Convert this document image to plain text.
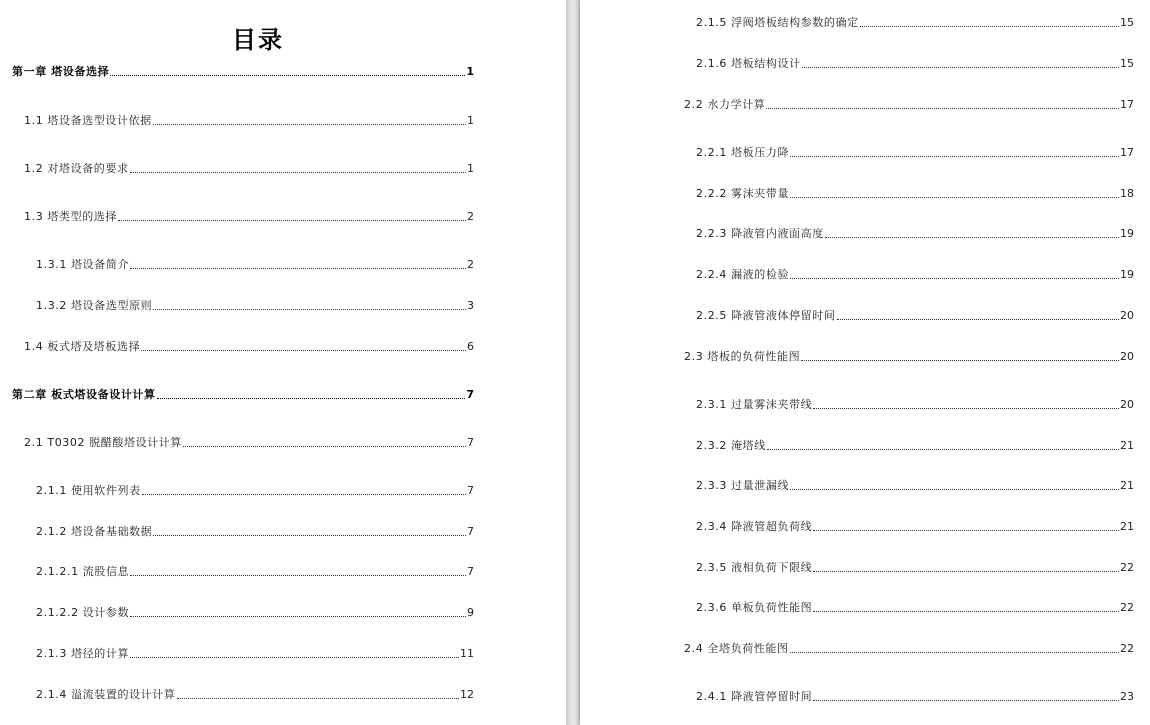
目录
第一章 塔设备选择	1
1.1 塔设备选型设计依据	1
1.2 对塔设备的要求	1
1.3 塔类型的选择	2
1.3.1 塔设备简介	2
1.3.2 塔设备选型原则	3
1.4 板式塔及塔板选择	6
第二章 板式塔设备设计计算	7
2.1 T0302 脱醋酸塔设计计算	7
2.1.1 使用软件列表	7
2.1.2 塔设备基础数据	7
2.1.2.1 流股信息	7
2.1.2.2 设计参数	9
2.1.3 塔径的计算	11
2.1.4 溢流装置的设计计算	12
2.1.5 浮阀塔板结构参数的确定	15
2.1.6 塔板结构设计	15
2.2 水力学计算	17
2.2.1 塔板压力降	17
2.2.2 雾沫夹带量	18
2.2.3 降液管内液面高度	19
2.2.4 漏液的检验	19
2.2.5 降液管液体停留时间	20
2.3 塔板的负荷性能图	20
2.3.1 过量雾沫夹带线	20
2.3.2 淹塔线	21
2.3.3 过量泄漏线	21
2.3.4 降液管超负荷线	21
2.3.5 液相负荷下限线	22
2.3.6 单板负荷性能图	22
2.4 全塔负荷性能图	22
2.4.1 降液管停留时间	23
